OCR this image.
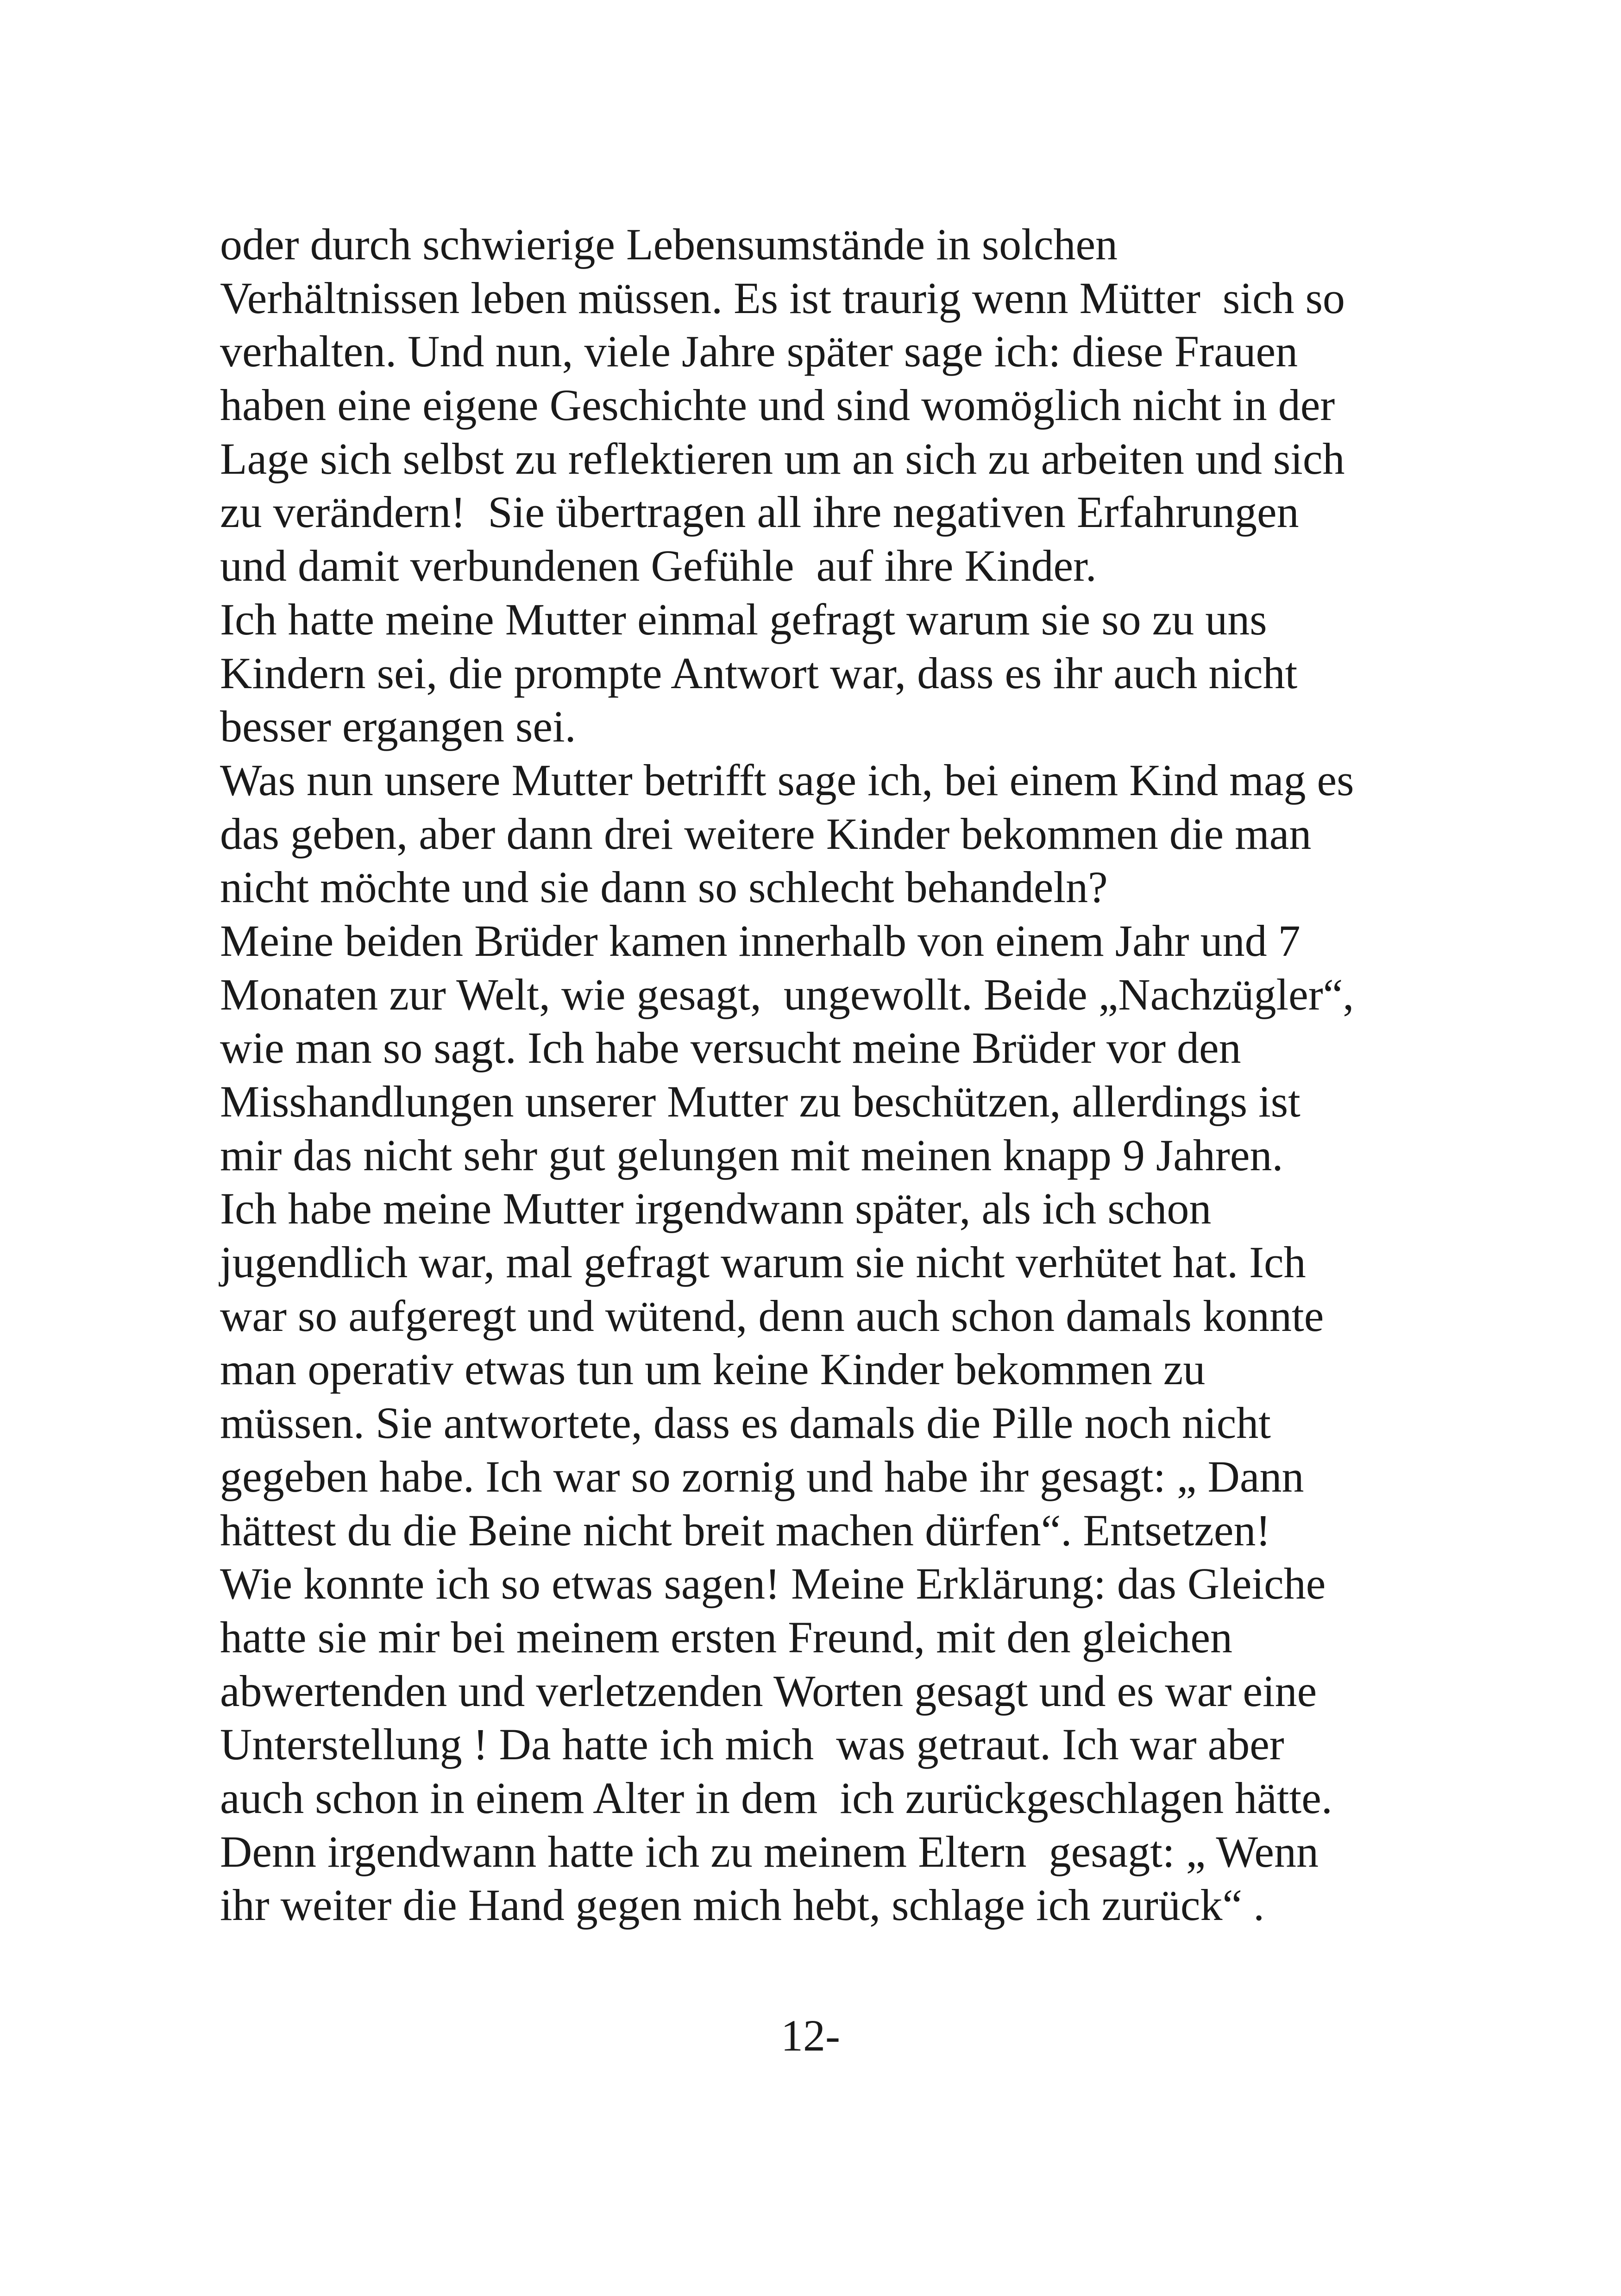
oder durch schwierige Lebensumstände in solchen
Verhältnissen leben müssen. Es ist traurig wenn Mütter  sich so
verhalten. Und nun, viele Jahre später sage ich: diese Frauen
haben eine eigene Geschichte und sind womöglich nicht in der
Lage sich selbst zu reflektieren um an sich zu arbeiten und sich
zu verändern!  Sie übertragen all ihre negativen Erfahrungen
und damit verbundenen Gefühle  auf ihre Kinder.
Ich hatte meine Mutter einmal gefragt warum sie so zu uns
Kindern sei, die prompte Antwort war, dass es ihr auch nicht
besser ergangen sei.
Was nun unsere Mutter betrifft sage ich, bei einem Kind mag es
das geben, aber dann drei weitere Kinder bekommen die man
nicht möchte und sie dann so schlecht behandeln?
Meine beiden Brüder kamen innerhalb von einem Jahr und 7
Monaten zur Welt, wie gesagt,  ungewollt. Beide „Nachzügler“,
wie man so sagt. Ich habe versucht meine Brüder vor den
Misshandlungen unserer Mutter zu beschützen, allerdings ist
mir das nicht sehr gut gelungen mit meinen knapp 9 Jahren.
Ich habe meine Mutter irgendwann später, als ich schon
jugendlich war, mal gefragt warum sie nicht verhütet hat. Ich
war so aufgeregt und wütend, denn auch schon damals konnte
man operativ etwas tun um keine Kinder bekommen zu
müssen. Sie antwortete, dass es damals die Pille noch nicht
gegeben habe. Ich war so zornig und habe ihr gesagt: „ Dann
hättest du die Beine nicht breit machen dürfen“. Entsetzen!
Wie konnte ich so etwas sagen! Meine Erklärung: das Gleiche
hatte sie mir bei meinem ersten Freund, mit den gleichen
abwertenden und verletzenden Worten gesagt und es war eine
Unterstellung ! Da hatte ich mich  was getraut. Ich war aber
auch schon in einem Alter in dem  ich zurückgeschlagen hätte.
Denn irgendwann hatte ich zu meinem Eltern  gesagt: „ Wenn
ihr weiter die Hand gegen mich hebt, schlage ich zurück“ .
12-
